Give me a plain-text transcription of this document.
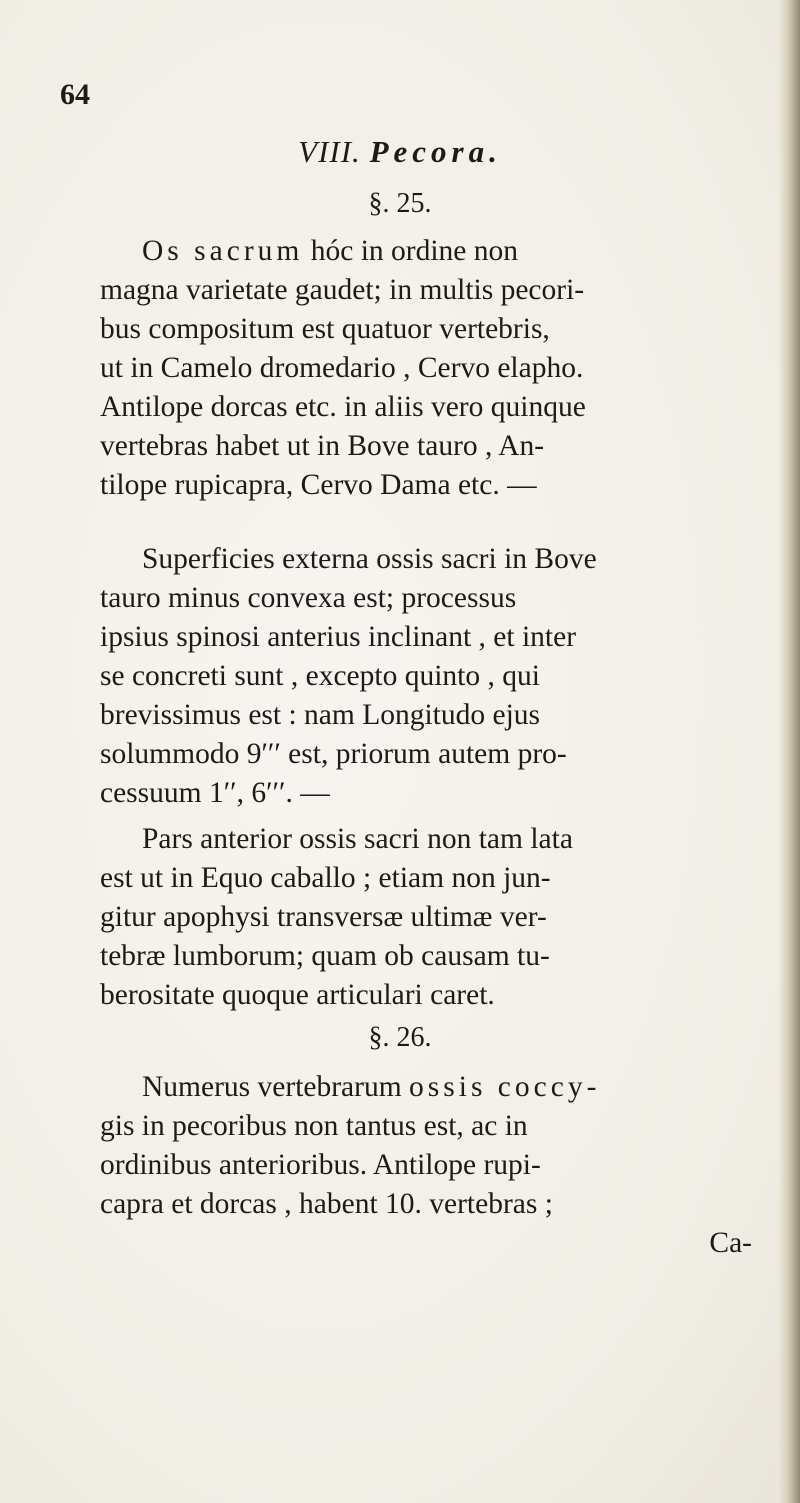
64
VIII. Pecora.
§. 25.
Os sacrum hóc in ordine non
magna varietate gaudet; in multis pecori-
bus compositum est quatuor vertebris,
ut in Camelo dromedario , Cervo elapho.
Antilope dorcas etc. in aliis vero quinque
vertebras habet ut in Bove tauro , An-
tilope rupicapra, Cervo Dama etc. —
Superficies externa ossis sacri in Bove
tauro minus convexa est; processus
ipsius spinosi anterius inclinant , et inter
se concreti sunt , excepto quinto , qui
brevissimus est : nam Longitudo ejus
solummodo 9′′′ est, priorum autem pro-
cessuum 1′′, 6′′′. —
Pars anterior ossis sacri non tam lata
est ut in Equo caballo ; etiam non jun-
gitur apophysi transversæ ultimæ ver-
tebræ lumborum; quam ob causam tu-
berositate quoque articulari caret.
§. 26.
Numerus vertebrarum ossis coccy-
gis in pecoribus non tantus est, ac in
ordinibus anterioribus. Antilope rupi-
capra et dorcas , habent 10. vertebras ;
Ca-
